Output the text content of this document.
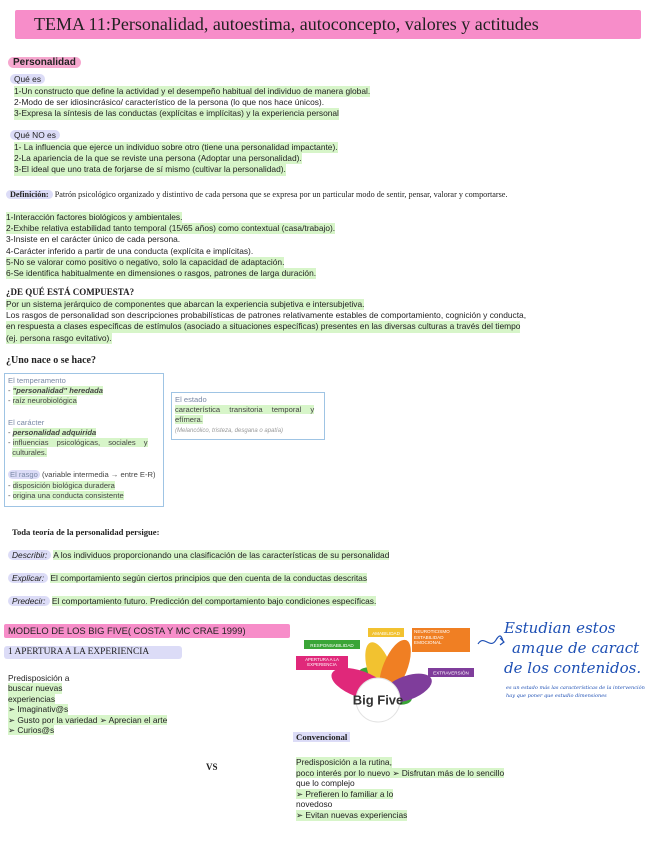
TEMA 11:Personalidad, autoestima, autoconcepto, valores y actitudes
Personalidad
Qué es
1-Un constructo que define la actividad y el desempeño habitual del individuo de manera global.
2-Modo de ser idiosincrásico/ característico de la persona (lo que nos hace únicos).
3-Expresa la síntesis de las conductas (explícitas e implícitas) y la experiencia personal
Qué NO es
1- La influencia que ejerce un individuo sobre otro (tiene una personalidad impactante).
2-La apariencia de la que se reviste una persona (Adoptar una personalidad).
3-El ideal que uno trata de forjarse de sí mismo (cultivar la personalidad).
Definición: Patrón psicológico organizado y distintivo de cada persona que se expresa por un particular modo de sentir, pensar, valorar y comportarse.
1-Interacción factores biológicos y ambientales.
2-Exhibe relativa estabilidad tanto temporal (15/65 años) como contextual (casa/trabajo).
3-Insiste en el carácter único de cada persona.
4-Carácter inferido a partir de una conducta (explícita e implícitas).
5-No se valorar como positivo o negativo, solo la capacidad de adaptación.
6-Se identifica habitualmente en dimensiones o rasgos, patrones de larga duración.
¿DE QUÉ ESTÁ COMPUESTA?
Por un sistema jerárquico de componentes que abarcan la experiencia subjetiva e intersubjetiva.
Los rasgos de personalidad son descripciones probabilísticas de patrones relativamente estables de comportamiento, cognición y conducta,
en respuesta a clases específicas de estímulos (asociado a situaciones específicas) presentes en las diversas culturas a través del tiempo
(ej. persona rasgo evitativo).
¿Uno nace o se hace?
El temperamento
- "personalidad" heredada
- raíz neurobiológica
El carácter
- personalidad adquirida
- influencias psicológicas, sociales y
culturales.
El rasgo (variable intermedia → entre E-R)
- disposición biológica duradera
- origina una conducta consistente
El estado
característica transitoria temporal y
efímera.
(Melancólico, tristeza, desgana o apatía)
Toda teoría de la personalidad persigue:
Describir: A los individuos proporcionando una clasificación de las características de su personalidad
Explicar: El comportamiento según ciertos principios que den cuenta de la conductas descritas
Predecir: El comportamiento futuro. Predicción del comportamiento bajo condiciones específicas.
MODELO DE LOS BIG FIVE( COSTA Y MC CRAE 1999)
1 APERTURA A LA EXPERIENCIA
Predisposición a
buscar nuevas
experiencias
➢ Imaginativ@s
➢ Gusto por la variedad ➢ Aprecian el arte
➢ Curios@s
VS
Convencional
Predisposición a la rutina,
poco interés por lo nuevo ➢ Disfrutan más de lo sencillo
que lo complejo
➢ Prefieren lo familiar a lo
novedoso
➢ Evitan nuevas experiencias
RESPONSABILIDAD
AMABILIDAD	NEUROTICISMO ESTABILIDAD EMOCIONAL
APERTURA A LA EXPERIENCIA
EXTRAVERSIÓN
Big Five
Estudian estos
amque de caract
de los contenidos.
es un estado más las características de la intervención
hay que poner que estudio dimensiones
